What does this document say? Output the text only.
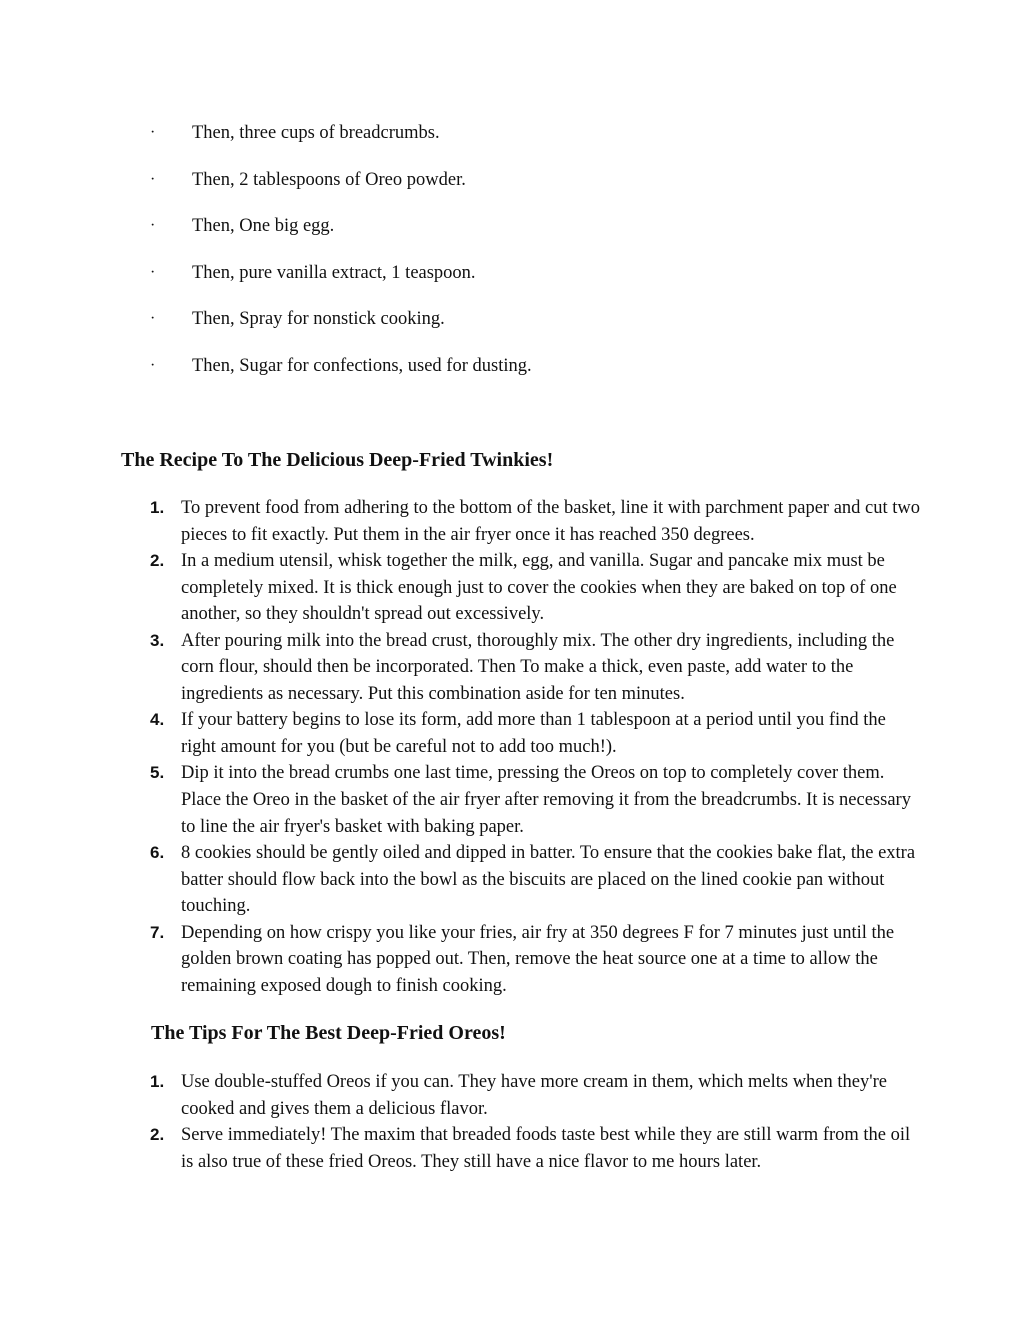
·	Then, three cups of breadcrumbs.
·	Then, 2 tablespoons of Oreo powder.
·	Then, One big egg.
·	Then, pure vanilla extract, 1 teaspoon.
·	Then, Spray for nonstick cooking.
·	Then, Sugar for confections, used for dusting.
The Recipe To The Delicious Deep-Fried Twinkies!
1. To prevent food from adhering to the bottom of the basket, line it with parchment paper and cut two pieces to fit exactly. Put them in the air fryer once it has reached 350 degrees.
2. In a medium utensil, whisk together the milk, egg, and vanilla. Sugar and pancake mix must be completely mixed. It is thick enough just to cover the cookies when they are baked on top of one another, so they shouldn't spread out excessively.
3. After pouring milk into the bread crust, thoroughly mix. The other dry ingredients, including the corn flour, should then be incorporated. Then To make a thick, even paste, add water to the ingredients as necessary. Put this combination aside for ten minutes.
4. If your battery begins to lose its form, add more than 1 tablespoon at a period until you find the right amount for you (but be careful not to add too much!).
5. Dip it into the bread crumbs one last time, pressing the Oreos on top to completely cover them. Place the Oreo in the basket of the air fryer after removing it from the breadcrumbs. It is necessary to line the air fryer's basket with baking paper.
6. 8 cookies should be gently oiled and dipped in batter. To ensure that the cookies bake flat, the extra batter should flow back into the bowl as the biscuits are placed on the lined cookie pan without touching.
7. Depending on how crispy you like your fries, air fry at 350 degrees F for 7 minutes just until the golden brown coating has popped out. Then, remove the heat source one at a time to allow the remaining exposed dough to finish cooking.
The Tips For The Best Deep-Fried Oreos!
1. Use double-stuffed Oreos if you can. They have more cream in them, which melts when they're cooked and gives them a delicious flavor.
2. Serve immediately! The maxim that breaded foods taste best while they are still warm from the oil is also true of these fried Oreos. They still have a nice flavor to me hours later.
